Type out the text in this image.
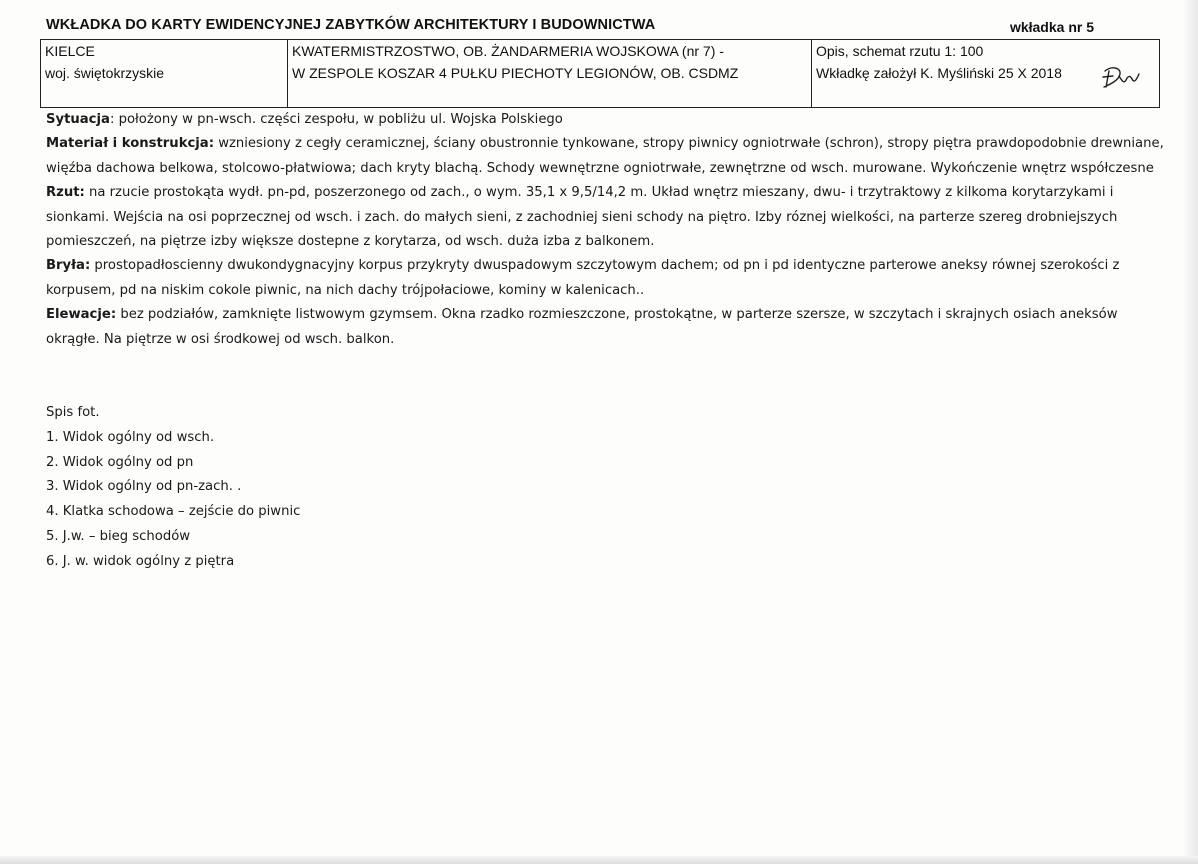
WKŁADKA DO KARTY EWIDENCYJNEJ ZABYTKÓW ARCHITEKTURY I BUDOWNICTWA	wkładka nr 5
KIELCE
woj. świętokrzyskie
KWATERMISTRZOSTWO, OB. ŻANDARMERIA WOJSKOWA (nr 7) -
W ZESPOLE KOSZAR 4 PUŁKU PIECHOTY LEGIONÓW, OB. CSDMZ
Opis, schemat rzutu 1: 100
Wkładkę założył K. Myśliński 25 X 2018

Sytuacja: położony w pn-wsch. części zespołu, w pobliżu ul. Wojska Polskiego

Materiał i konstrukcja: wzniesiony z cegły ceramicznej, ściany obustronnie tynkowane, stropy piwnicy ogniotrwałe (schron), stropy piętra prawdopodobnie drewniane, więźba dachowa belkowa, stolcowo-płatwiowa; dach kryty blachą. Schody wewnętrzne ogniotrwałe, zewnętrzne od wsch. murowane. Wykończenie wnętrz współczesne

Rzut: na rzucie prostokąta wydł. pn-pd, poszerzonego od zach., o wym. 35,1 x 9,5/14,2 m. Układ wnętrz mieszany, dwu- i trzytraktowy z kilkoma korytarzykami i sionkami. Wejścia na osi poprzecznej od wsch. i zach. do małych sieni, z zachodniej sieni schody na piętro. Izby róznej wielkości, na parterze szereg drobniejszych pomieszczeń, na piętrze izby większe dostepne z korytarza, od wsch. duża izba z balkonem.

Bryła: prostopadłoscienny dwukondygnacyjny korpus przykryty dwuspadowym szczytowym dachem; od pn i pd identyczne parterowe aneksy równej szerokości z korpusem, pd na niskim cokole piwnic, na nich dachy trójpołaciowe, kominy w kalenicach..

Elewacje: bez podziałów, zamknięte listwowym gzymsem. Okna rzadko rozmieszczone, prostokątne, w parterze szersze, w szczytach i skrajnych osiach aneksów okrągłe. Na piętrze w osi środkowej od wsch. balkon.

Spis fot.
1. Widok ogólny od wsch.
2. Widok ogólny od pn
3. Widok ogólny od pn-zach. .
4. Klatka schodowa – zejście do piwnic
5. J.w. – bieg schodów
6. J. w. widok ogólny z piętra
